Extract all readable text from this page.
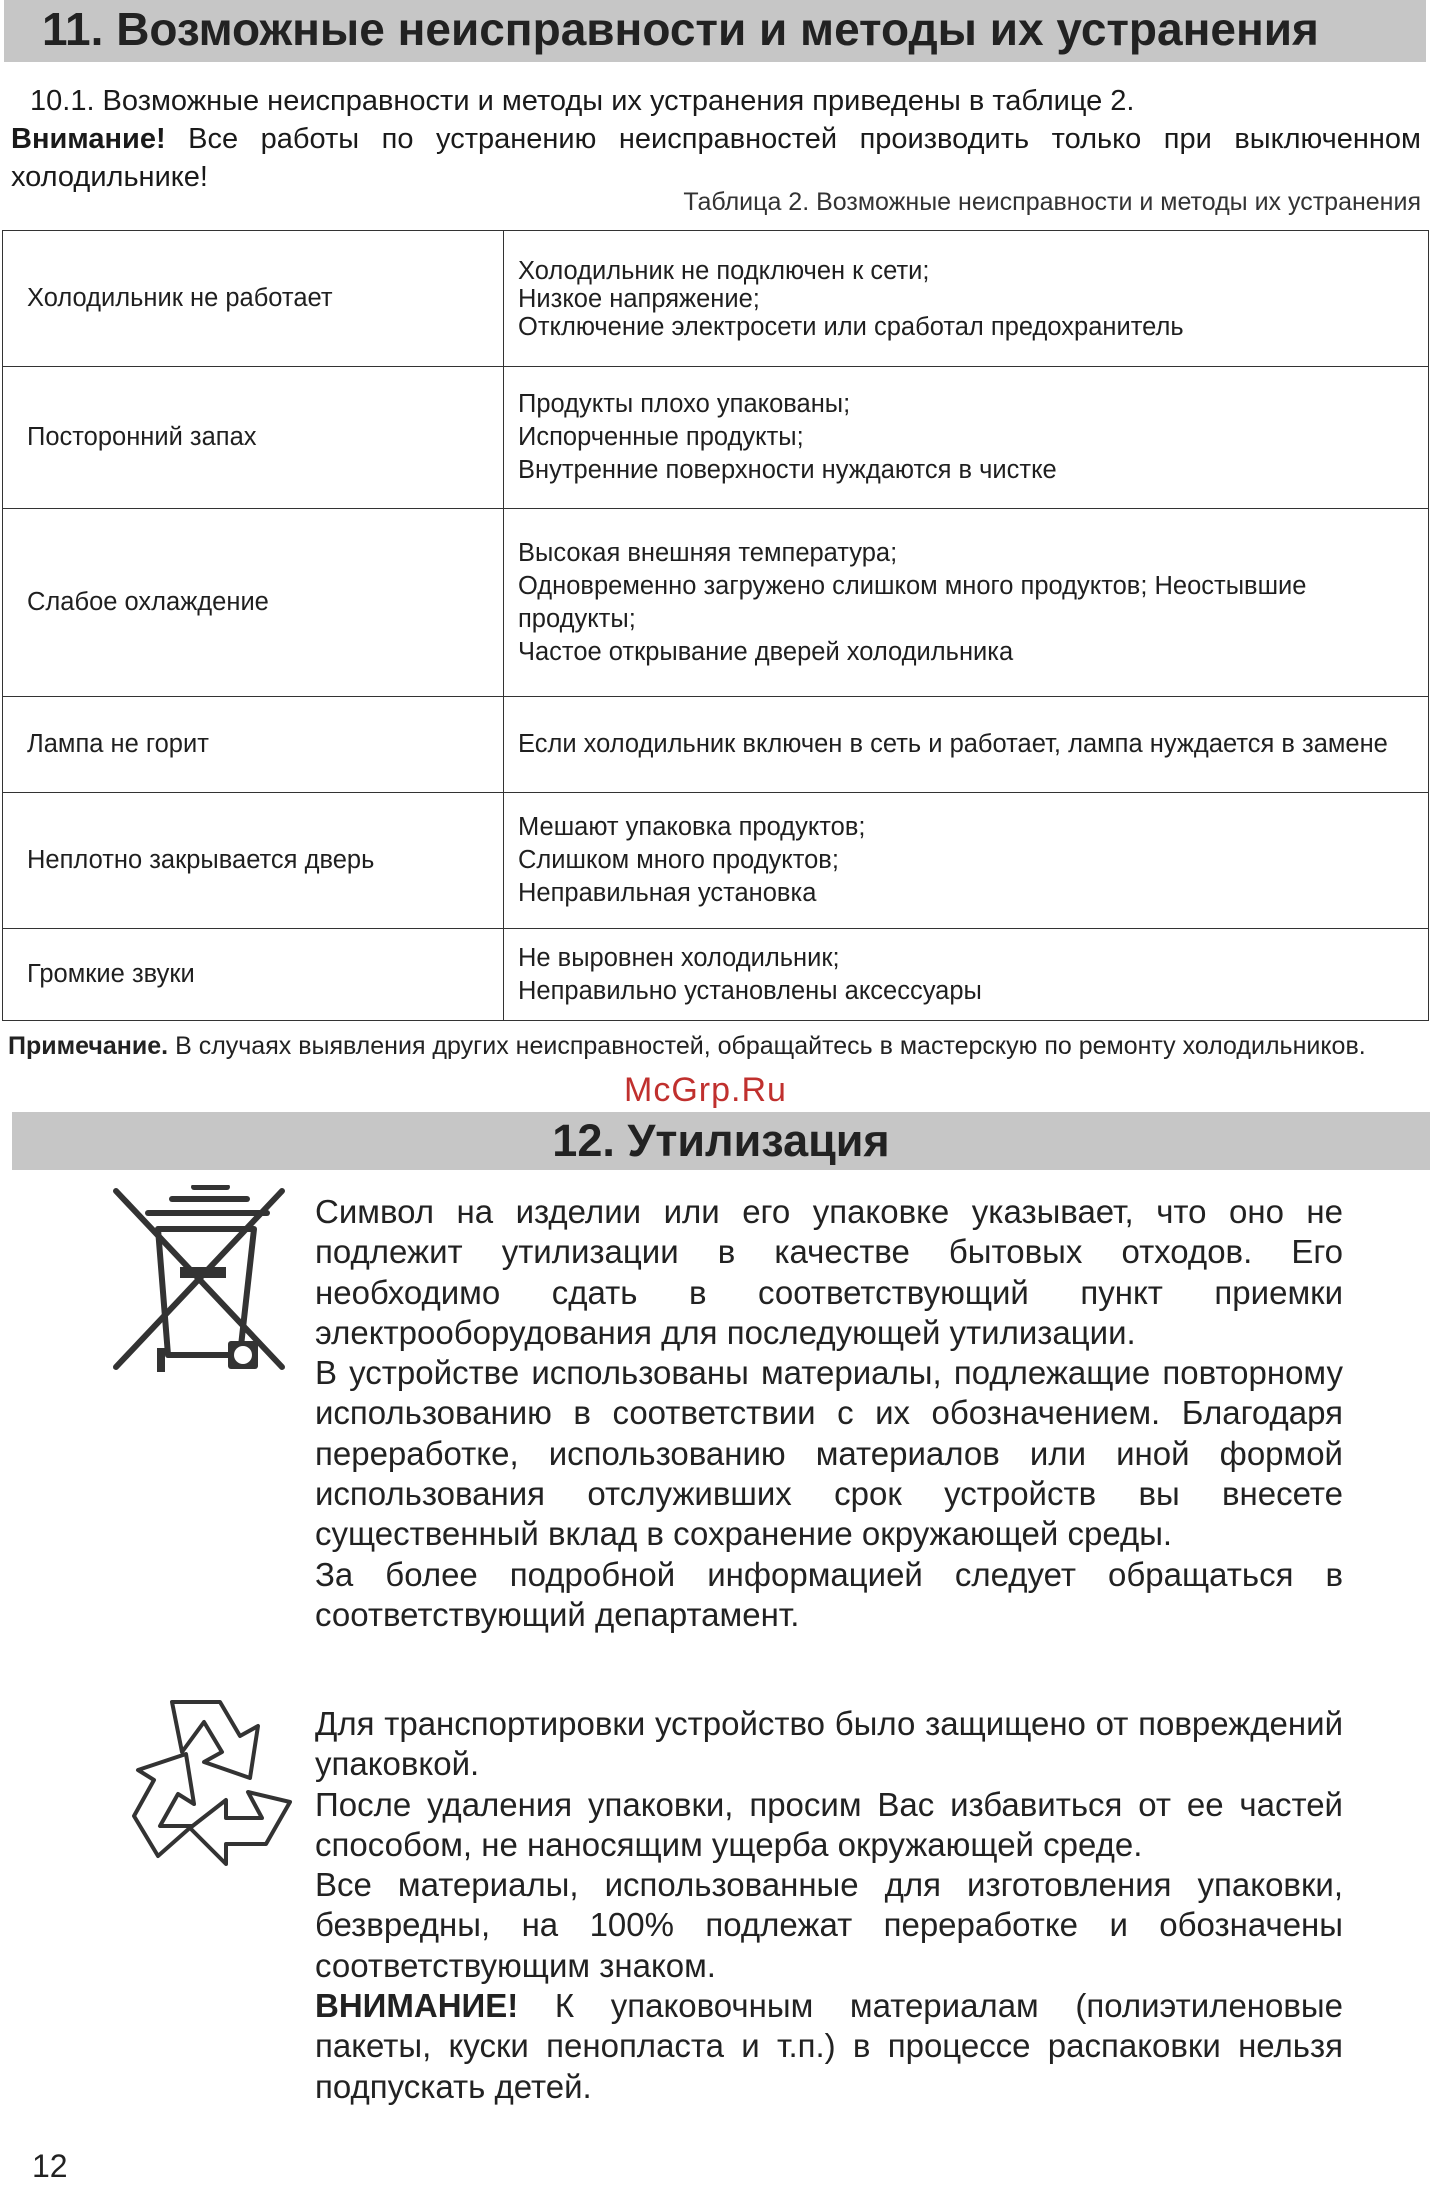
11. Возможные неисправности и методы их устранения
10.1. Возможные неисправности и методы их устранения приведены в таблице 2.
Внимание! Все работы по устранению неисправностей производить только при выключенном холодильнике!
Таблица 2. Возможные неисправности и методы их устранения
Холодильник не работает	Холодильник не подключен к сети;
Низкое напряжение;
Отключение электросети или сработал предохранитель

Посторонний запах	Продукты плохо упакованы;
Испорченные продукты;
Внутренние поверхности нуждаются в чистке

Слабое охлаждение	Высокая внешняя температура;
Одновременно загружено слишком много продуктов; Неостывшие продукты;
Частое открывание дверей холодильника

Лампа не горит	Если холодильник включен в сеть и работает, лампа нуждается в замене

Неплотно закрывается дверь	Мешают упаковка продуктов;
Слишком много продуктов;
Неправильная установка

Громкие звуки	Не выровнен холодильник;
Неправильно установлены аксессуары
Примечание. В случаях выявления других неисправностей, обращайтесь в мастерскую по ремонту холодильников.
McGrp.Ru
12. Утилизация

Символ на изделии или его упаковке указывает, что оно не подлежит утилизации в качестве бытовых отходов. Его необходимо сдать в соответствующий пункт приемки электрооборудования для последующей утилизации.

В устройстве использованы материалы, подлежащие повторному использованию в соответствии с их обозначением. Благодаря переработке, использованию материалов или иной формой использования отслуживших срок устройств вы внесете существенный вклад в сохранение окружающей среды.

За более подробной информацией следует обращаться в соответствующий департамент.

Для транспортировки устройство было защищено от повреждений упаковкой.

После удаления упаковки, просим Вас избавиться от ее частей способом, не наносящим ущерба окружающей среде.

Все материалы, использованные для изготовления упаковки, безвредны, на 100% подлежат переработке и обозначены соответствующим знаком.

ВНИМАНИЕ! К упаковочным материалам (полиэтиленовые пакеты, куски пенопласта и т.п.) в процессе распаковки нельзя подпускать детей.

12
